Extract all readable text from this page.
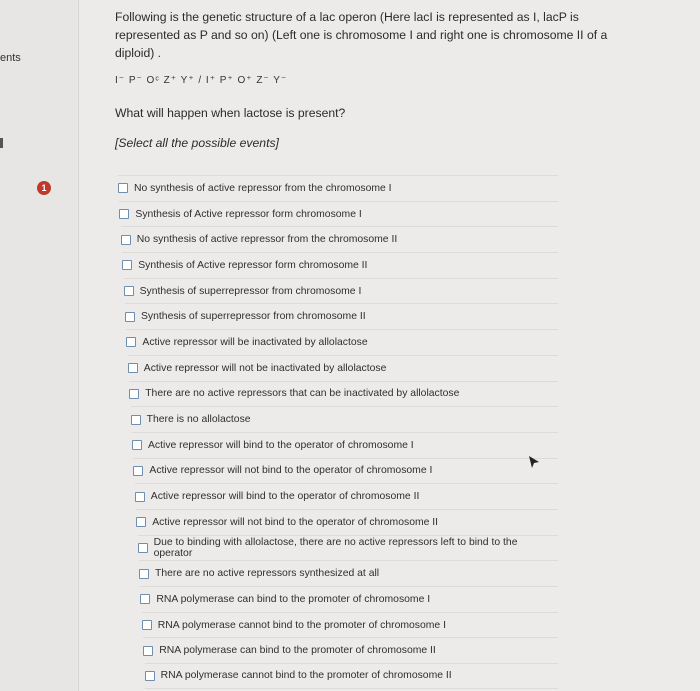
ents

Following is the genetic structure of a lac operon (Here lacI is represented as I, lacP is represented as P and so on) (Left one is chromosome I and right one is chromosome II of a diploid) .

I⁻ P⁻ Oᶜ Z⁺ Y⁺ / I⁺ P⁺ O⁺ Z⁻ Y⁻

What will happen when lactose is present?

[Select all the possible events]

1	No synthesis of active repressor from the chromosome I
Synthesis of Active repressor form chromosome I
No synthesis of active repressor from the chromosome II
Synthesis of Active repressor form chromosome II
Synthesis of superrepressor from chromosome I
Synthesis of superrepressor from chromosome II
Active repressor will be inactivated by allolactose
Active repressor will not be inactivated by allolactose
There are no active repressors that can be inactivated by allolactose
There is no allolactose
Active repressor will bind to the operator of chromosome I
Active repressor will not bind to the operator of chromosome I
Active repressor will bind to the operator of chromosome II
Active repressor will not bind to the operator of chromosome II
Due to binding with allolactose, there are no active repressors left to bind to the operator
There are no active repressors synthesized at all
RNA polymerase can bind to the promoter of chromosome I
RNA polymerase cannot bind to the promoter of chromosome I
RNA polymerase can bind to the promoter of chromosome II
RNA polymerase cannot bind to the promoter of chromosome II
